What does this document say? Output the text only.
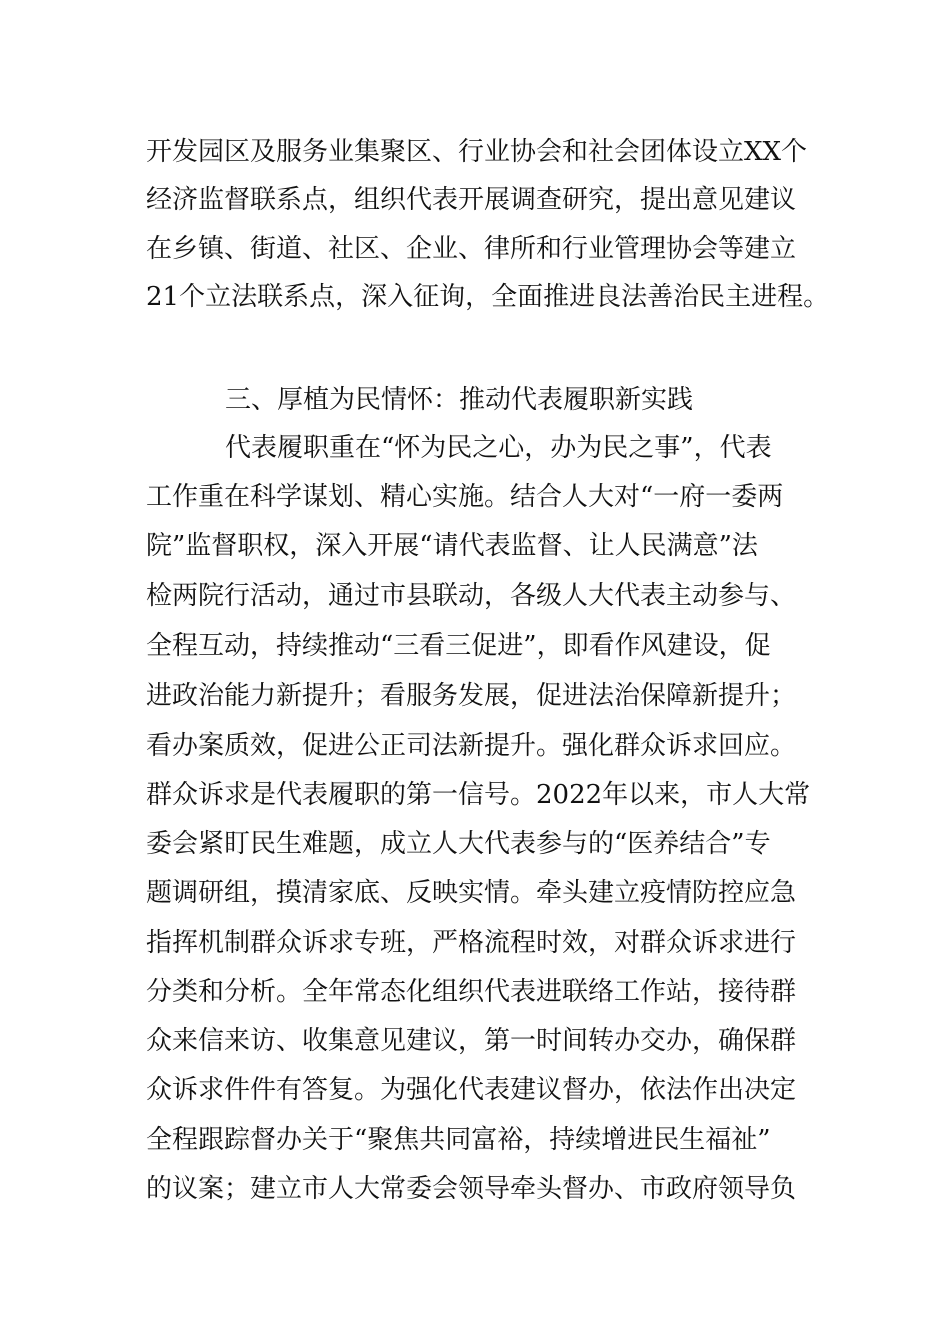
开发园区及服务业集聚区、行业协会和社会团体设立XX个
经济监督联系点，组织代表开展调查研究，提出意见建议
在乡镇、街道、社区、企业、律所和行业管理协会等建立
21个立法联系点，深入征询，全面推进良法善治民主进程。
三、厚植为民情怀：推动代表履职新实践
代表履职重在“怀为民之心，办为民之事”，代表
工作重在科学谋划、精心实施。结合人大对“一府一委两
院”监督职权，深入开展“请代表监督、让人民满意”法
检两院行活动，通过市县联动，各级人大代表主动参与、
全程互动，持续推动“三看三促进”，即看作风建设，促
进政治能力新提升；看服务发展，促进法治保障新提升；
看办案质效，促进公正司法新提升。强化群众诉求回应。
群众诉求是代表履职的第一信号。2022年以来，市人大常
委会紧盯民生难题，成立人大代表参与的“医养结合”专
题调研组，摸清家底、反映实情。牵头建立疫情防控应急
指挥机制群众诉求专班，严格流程时效，对群众诉求进行
分类和分析。全年常态化组织代表进联络工作站，接待群
众来信来访、收集意见建议，第一时间转办交办，确保群
众诉求件件有答复。为强化代表建议督办，依法作出决定
全程跟踪督办关于“聚焦共同富裕，持续增进民生福祉”
的议案；建立市人大常委会领导牵头督办、市政府领导负
